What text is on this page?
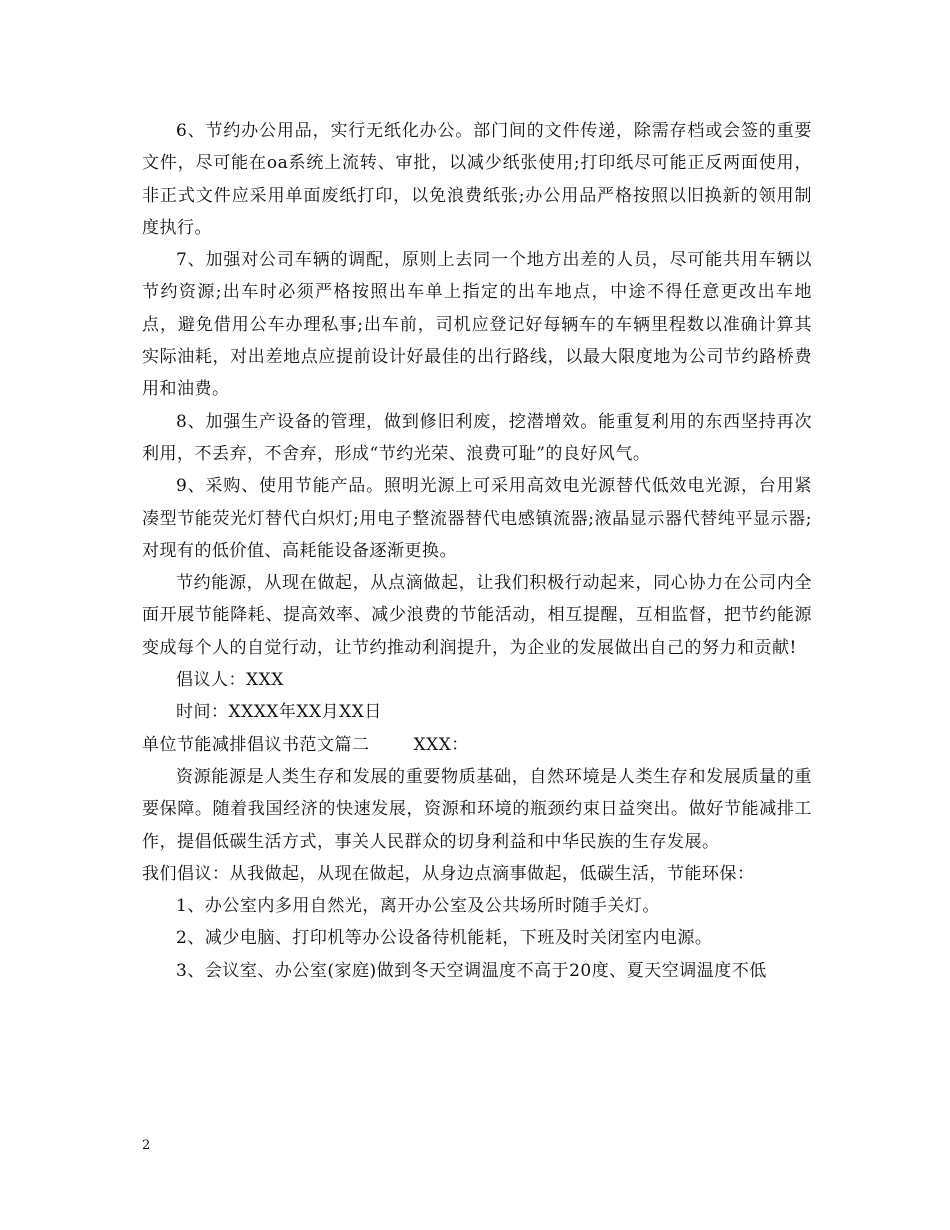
6、节约办公用品，实行无纸化办公。部门间的文件传递，除需存档或会签的重要文件，尽可能在oa系统上流转、审批，以减少纸张使用;打印纸尽可能正反两面使用，非正式文件应采用单面废纸打印，以免浪费纸张;办公用品严格按照以旧换新的领用制度执行。

7、加强对公司车辆的调配，原则上去同一个地方出差的人员，尽可能共用车辆以节约资源;出车时必须严格按照出车单上指定的出车地点，中途不得任意更改出车地点，避免借用公车办理私事;出车前，司机应登记好每辆车的车辆里程数以准确计算其实际油耗，对出差地点应提前设计好最佳的出行路线，以最大限度地为公司节约路桥费用和油费。

8、加强生产设备的管理，做到修旧利废，挖潜增效。能重复利用的东西坚持再次利用，不丢弃，不舍弃，形成“节约光荣、浪费可耻”的良好风气。

9、采购、使用节能产品。照明光源上可采用高效电光源替代低效电光源，台用紧凑型节能荧光灯替代白炽灯;用电子整流器替代电感镇流器;液晶显示器代替纯平显示器;对现有的低价值、高耗能设备逐渐更换。

节约能源，从现在做起，从点滴做起，让我们积极行动起来，同心协力在公司内全面开展节能降耗、提高效率、减少浪费的节能活动，相互提醒，互相监督，把节约能源变成每个人的自觉行动，让节约推动利润提升，为企业的发展做出自己的努力和贡献!

倡议人：XXX

时间：XXXX年XX月XX日

单位节能减排倡议书范文篇二	XXX：

资源能源是人类生存和发展的重要物质基础，自然环境是人类生存和发展质量的重要保障。随着我国经济的快速发展，资源和环境的瓶颈约束日益突出。做好节能减排工作，提倡低碳生活方式，事关人民群众的切身利益和中华民族的生存发展。

我们倡议：从我做起，从现在做起，从身边点滴事做起，低碳生活，节能环保：

1、办公室内多用自然光，离开办公室及公共场所时随手关灯。

2、减少电脑、打印机等办公设备待机能耗，下班及时关闭室内电源。

3、会议室、办公室(家庭)做到冬天空调温度不高于20度、夏天空调温度不低

2
